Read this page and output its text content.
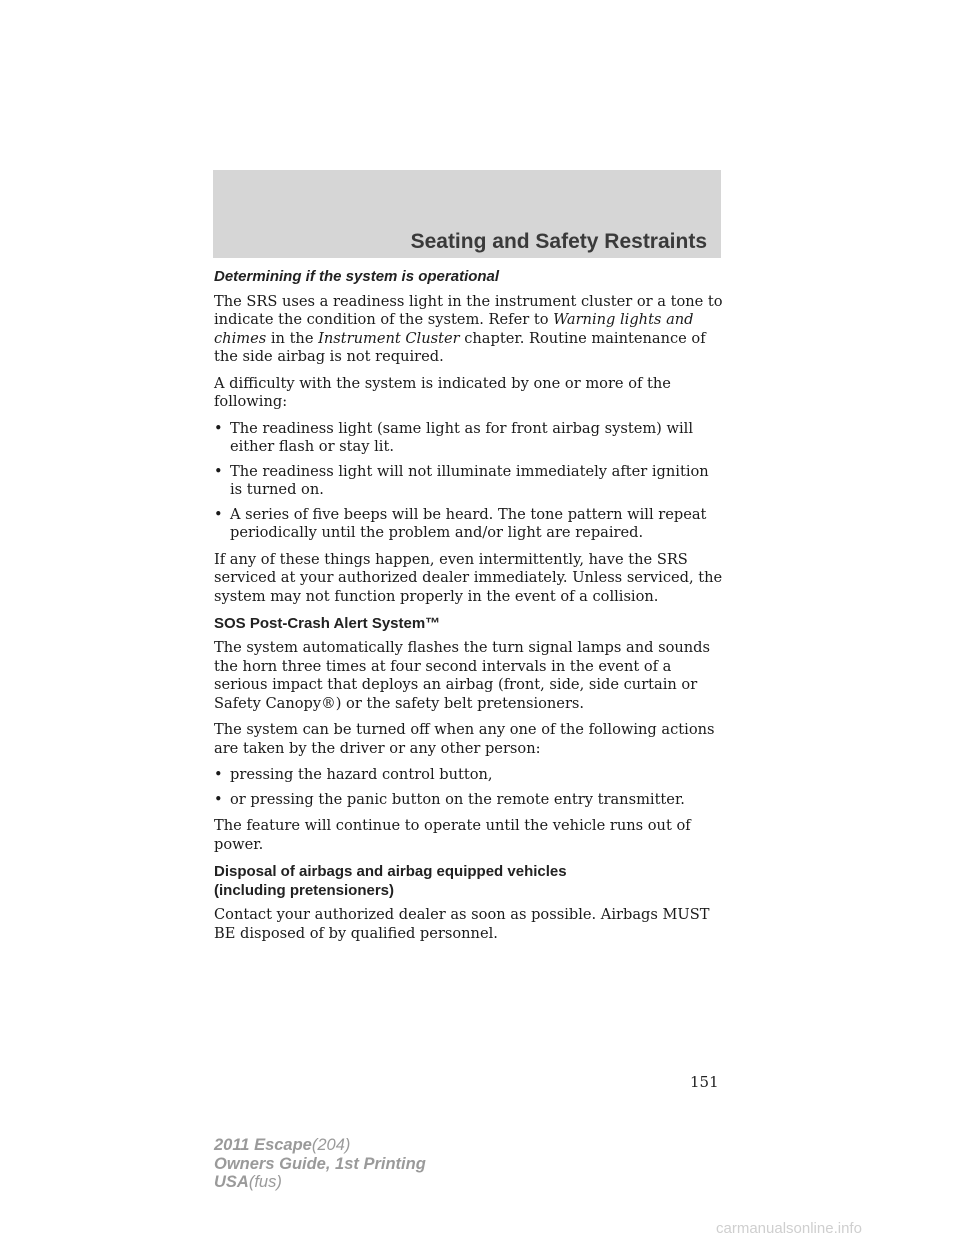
Seating and Safety Restraints
Determining if the system is operational

The SRS uses a readiness light in the instrument cluster or a tone to indicate the condition of the system. Refer to Warning lights and chimes in the Instrument Cluster chapter. Routine maintenance of the side airbag is not required.

A difficulty with the system is indicated by one or more of the following:

• The readiness light (same light as for front airbag system) will either flash or stay lit.
• The readiness light will not illuminate immediately after ignition is turned on.
• A series of five beeps will be heard. The tone pattern will repeat periodically until the problem and/or light are repaired.

If any of these things happen, even intermittently, have the SRS serviced at your authorized dealer immediately. Unless serviced, the system may not function properly in the event of a collision.

SOS Post-Crash Alert System™

The system automatically flashes the turn signal lamps and sounds the horn three times at four second intervals in the event of a serious impact that deploys an airbag (front, side, side curtain or Safety Canopy®) or the safety belt pretensioners.

The system can be turned off when any one of the following actions are taken by the driver or any other person:

• pressing the hazard control button,
• or pressing the panic button on the remote entry transmitter.

The feature will continue to operate until the vehicle runs out of power.

Disposal of airbags and airbag equipped vehicles
(including pretensioners)

Contact your authorized dealer as soon as possible. Airbags MUST BE disposed of by qualified personnel.

151
2011 Escape(204)
Owners Guide, 1st Printing
USA(fus)
carmanualsonline.info
